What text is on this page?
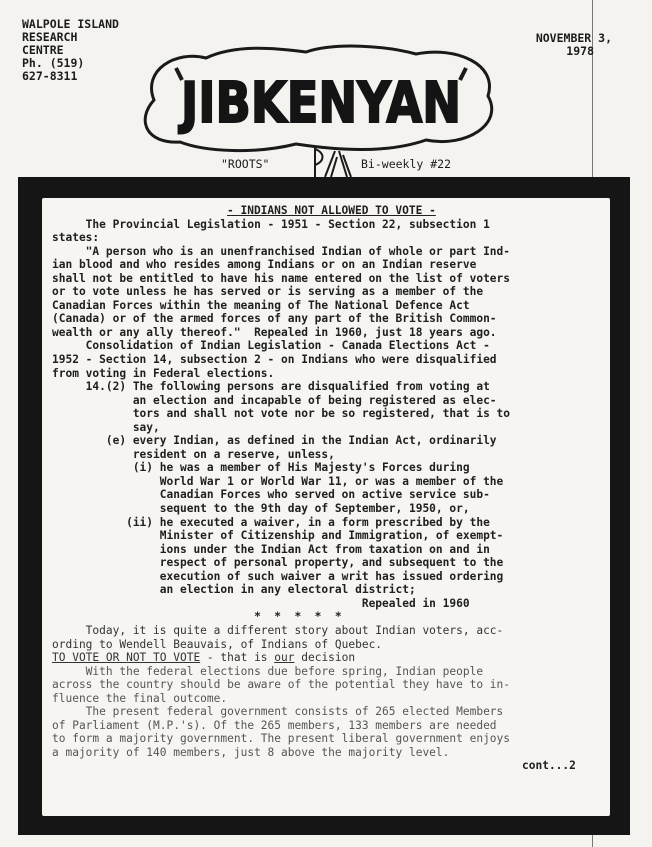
WALPOLE ISLAND
RESEARCH
CENTRE
Ph. (519)
627-8311
NOVEMBER 3,
1978
JIBKENYAN
"ROOTS"	Bi-weekly #22

- INDIANS NOT ALLOWED TO VOTE -

The Provincial Legislation - 1951 - Section 22, subsection 1

states:

"A person who is an unenfranchised Indian of whole or part Ind-

ian blood and who resides among Indians or on an Indian reserve

shall not be entitled to have his name entered on the list of voters

or to vote unless he has served or is serving as a member of the

Canadian Forces within the meaning of The National Defence Act

(Canada) or of the armed forces of any part of the British Common-

wealth or any ally thereof."  Repealed in 1960, just 18 years ago.

Consolidation of Indian Legislation - Canada Elections Act -

1952 - Section 14, subsection 2 - on Indians who were disqualified

from voting in Federal elections.

14.(2) The following persons are disqualified from voting at

an election and incapable of being registered as elec-

tors and shall not vote nor be so registered, that is to

say,

(e) every Indian, as defined in the Indian Act, ordinarily

resident on a reserve, unless,

(i) he was a member of His Majesty's Forces during

World War 1 or World War 11, or was a member of the

Canadian Forces who served on active service sub-

sequent to the 9th day of September, 1950, or,

(ii) he executed a waiver, in a form prescribed by the

Minister of Citizenship and Immigration, of exempt-

ions under the Indian Act from taxation on and in

respect of personal property, and subsequent to the

execution of such waiver a writ has issued ordering

an election in any electoral district;

Repealed in 1960

*  *  *  *  *

Today, it is quite a different story about Indian voters, acc-

ording to Wendell Beauvais, of Indians of Quebec.

TO VOTE OR NOT TO VOTE - that is our decision

With the federal elections due before spring, Indian people

across the country should be aware of the potential they have to in-

fluence the final outcome.

The present federal government consists of 265 elected Members

of Parliament (M.P.'s). Of the 265 members, 133 members are needed

to form a majority government. The present liberal government enjoys

a majority of 140 members, just 8 above the majority level.

cont...2
